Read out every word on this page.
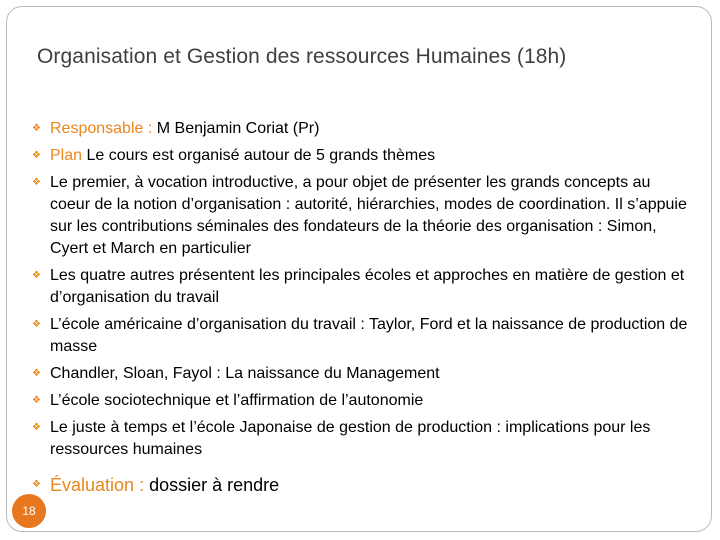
Organisation et Gestion des ressources Humaines (18h)
❖ Responsable : M Benjamin Coriat (Pr)
❖ Plan Le cours est organisé autour de 5 grands thèmes
❖ Le premier, à vocation introductive, a pour objet de présenter les grands concepts au coeur de la notion d’organisation : autorité, hiérarchies, modes de coordination. Il s’appuie sur les contributions séminales des fondateurs de la théorie des organisation : Simon, Cyert et March en particulier
❖ Les quatre autres présentent les principales écoles et approches en matière de gestion et d’organisation du travail
❖ L’école américaine d’organisation du travail : Taylor, Ford et la naissance de production de masse
❖ Chandler, Sloan, Fayol : La naissance du Management
❖ L’école sociotechnique et l’affirmation de l’autonomie
❖ Le juste à temps et l’école Japonaise de gestion de production : implications pour les ressources humaines
❖ Évaluation : dossier à rendre
18
